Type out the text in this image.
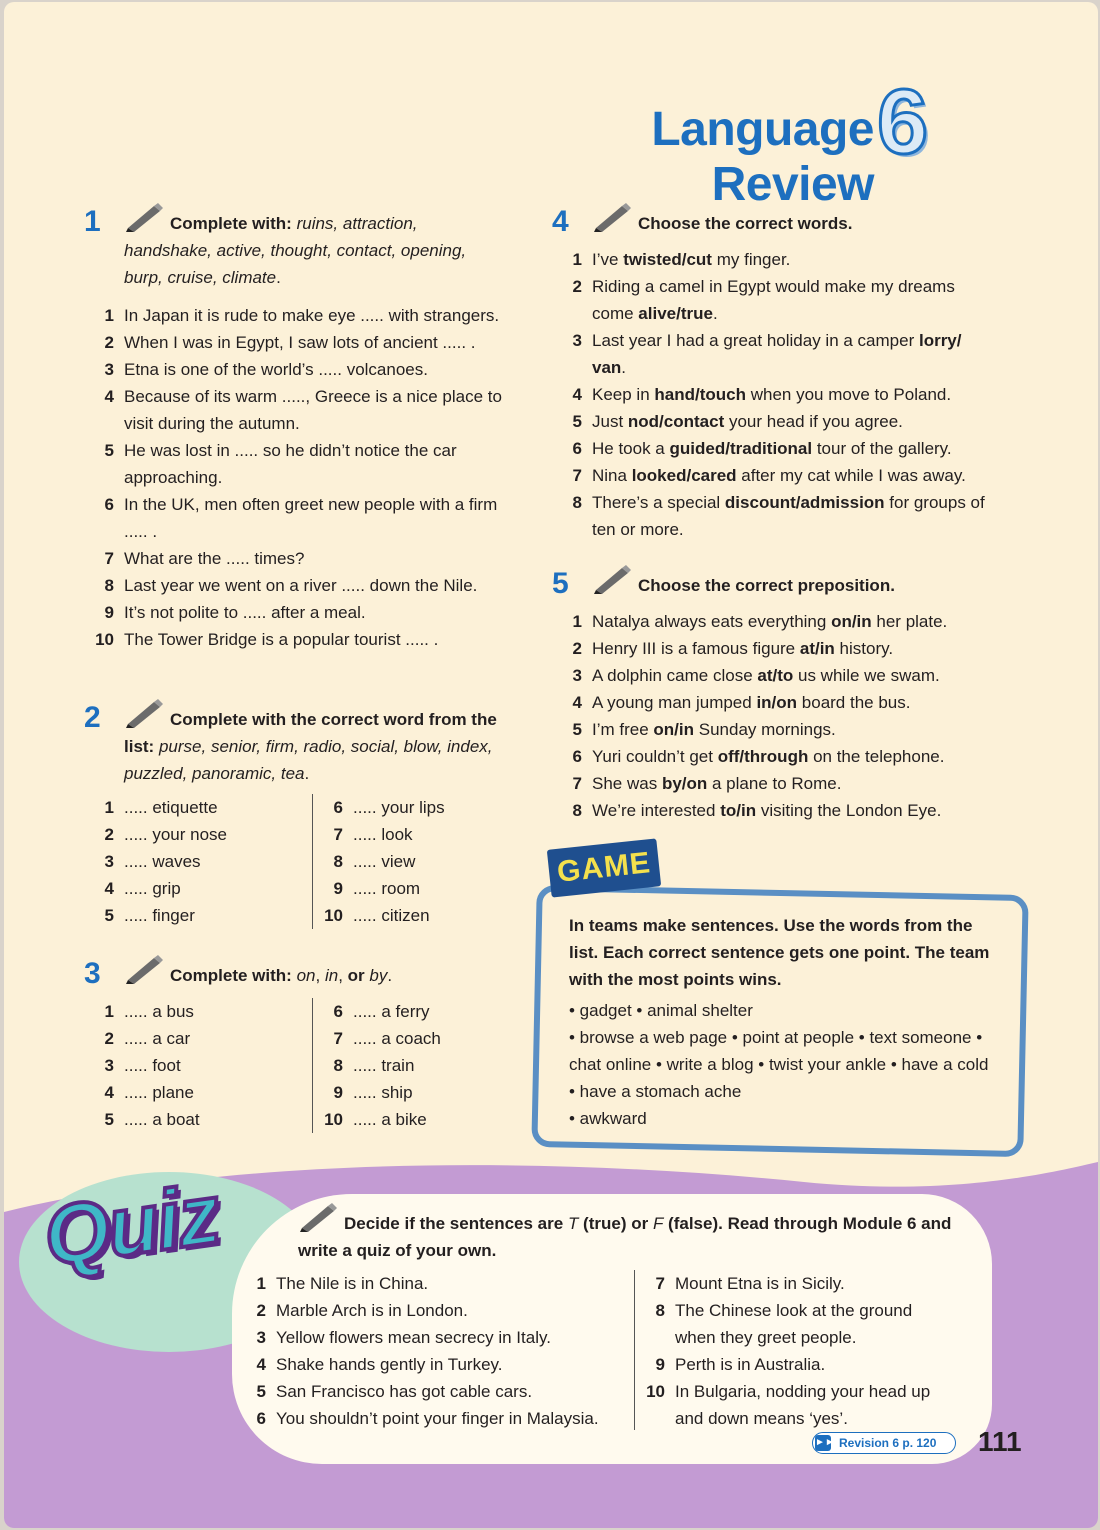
Language Review
6
1	Complete with: ruins, attraction, handshake, active, thought, contact, opening, burp, cruise, climate.
1 In Japan it is rude to make eye ..... with strangers.
2 When I was in Egypt, I saw lots of ancient ..... .
3 Etna is one of the world’s ..... volcanoes.
4 Because of its warm ....., Greece is a nice place to visit during the autumn.
5 He was lost in ..... so he didn’t notice the car approaching.
6 In the UK, men often greet new people with a firm ..... .
7 What are the ..... times?
8 Last year we went on a river ..... down the Nile.
9 It’s not polite to ..... after a meal.
10 The Tower Bridge is a popular tourist ..... .
2	Complete with the correct word from the list: purse, senior, firm, radio, social, blow, index, puzzled, panoramic, tea.
1 ..... etiquette
2 ..... your nose
3 ..... waves
4 ..... grip
5 ..... finger
6 ..... your lips
7 ..... look
8 ..... view
9 ..... room
10 ..... citizen
3	Complete with: on, in, or by.
1 ..... a bus
2 ..... a car
3 ..... foot
4 ..... plane
5 ..... a boat
6 ..... a ferry
7 ..... a coach
8 ..... train
9 ..... ship
10 ..... a bike
4	Choose the correct words.
1 I’ve twisted/cut my finger.
2 Riding a camel in Egypt would make my dreams come alive/true.
3 Last year I had a great holiday in a camper lorry/ van.
4 Keep in hand/touch when you move to Poland.
5 Just nod/contact your head if you agree.
6 He took a guided/traditional tour of the gallery.
7 Nina looked/cared after my cat while I was away.
8 There’s a special discount/admission for groups of ten or more.
5	Choose the correct preposition.
1 Natalya always eats everything on/in her plate.
2 Henry III is a famous figure at/in history.
3 A dolphin came close at/to us while we swam.
4 A young man jumped in/on board the bus.
5 I’m free on/in Sunday mornings.
6 Yuri couldn’t get off/through on the telephone.
7 She was by/on a plane to Rome.
8 We’re interested to/in visiting the London Eye.
GAME
In teams make sentences. Use the words from the list. Each correct sentence gets one point. The team with the most points wins.
• gadget • animal shelter
• browse a web page • point at people • text someone • chat online • write a blog • twist your ankle • have a cold • have a stomach ache
• awkward
Quiz	Decide if the sentences are T (true) or F (false). Read through Module 6 and write a quiz of your own.
1 The Nile is in China.
2 Marble Arch is in London.
3 Yellow flowers mean secrecy in Italy.
4 Shake hands gently in Turkey.
5 San Francisco has got cable cars.
6 You shouldn’t point your finger in Malaysia.
7 Mount Etna is in Sicily.
8 The Chinese look at the ground when they greet people.
9 Perth is in Australia.
10 In Bulgaria, nodding your head up and down means ‘yes’.
►► Revision 6 p. 120 111
